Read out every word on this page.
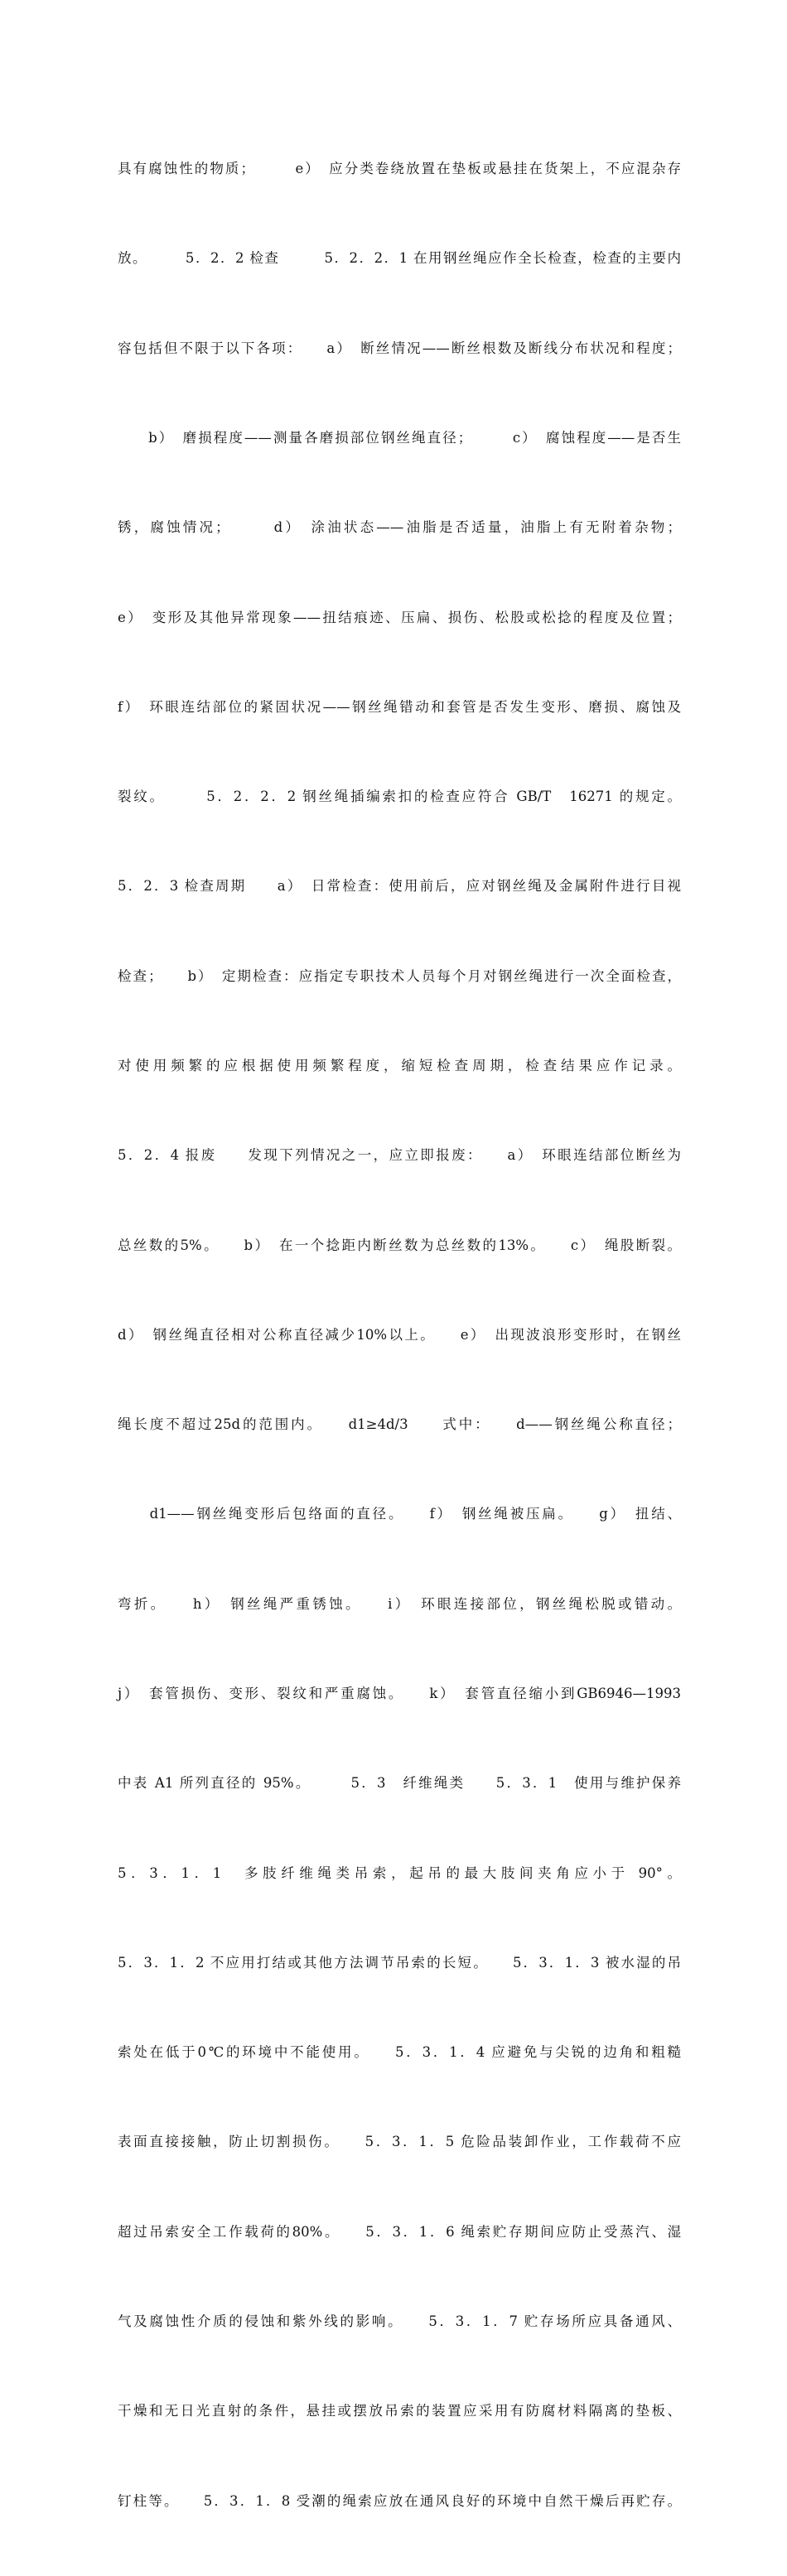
具有腐蚀性的物质；　　　e）　应分类卷绕放置在垫板或悬挂在货架上，不应混杂存

放。　　　5．2．2 检查　　　5．2．2．1 在用钢丝绳应作全长检查，检查的主要内

容包括但不限于以下各项：　　a）　断丝情况——断丝根数及断线分布状况和程度；

　　b）　磨损程度——测量各磨损部位钢丝绳直径；　　　c）　腐蚀程度——是否生

锈，腐蚀情况；　　　d）　涂油状态——油脂是否适量，油脂上有无附着杂物；

e）　变形及其他异常现象——扭结痕迹、压扁、损伤、松股或松捻的程度及位置；

f）　环眼连结部位的紧固状况——钢丝绳错动和套管是否发生变形、磨损、腐蚀及

裂纹。　　　5．2．2．2 钢丝绳插编索扣的检查应符合 GB/T　16271 的规定。

5．2．3 检查周期　　a）　日常检查：使用前后，应对钢丝绳及金属附件进行目视

检查；　　b）　定期检查：应指定专职技术人员每个月对钢丝绳进行一次全面检查，

对使用频繁的应根据使用频繁程度，缩短检查周期，检查结果应作记录。

5．2．4 报废　　发现下列情况之一，应立即报废：　　a）　环眼连结部位断丝为

总丝数的5%。　　b）　在一个捻距内断丝数为总丝数的13%。　　c）　绳股断裂。

d）　钢丝绳直径相对公称直径减少10%以上。　　e）　出现波浪形变形时，在钢丝

绳长度不超过25d的范围内。　　d1≥4d/3　　式中：　　d——钢丝绳公称直径；

　　d1——钢丝绳变形后包络面的直径。　　f）　钢丝绳被压扁。　　g）　扭结、

弯折。　　h）　钢丝绳严重锈蚀。　　i）　环眼连接部位，钢丝绳松脱或错动。

j）　套管损伤、变形、裂纹和严重腐蚀。　　k）　套管直径缩小到GB6946—1993

中表 A1 所列直径的 95%。　　　5．3　纤维绳类　　5．3．1　使用与维护保养

5．3．1．1　多肢纤维绳类吊索，起吊的最大肢间夹角应小于 90°。

5．3．1．2 不应用打结或其他方法调节吊索的长短。　　5．3．1．3 被水湿的吊

索处在低于0℃的环境中不能使用。　　5．3．1．4 应避免与尖锐的边角和粗糙

表面直接接触，防止切割损伤。　　5．3．1．5 危险品装卸作业，工作载荷不应

超过吊索安全工作载荷的80%。　　5．3．1．6 绳索贮存期间应防止受蒸汽、湿

气及腐蚀性介质的侵蚀和紫外线的影响。　　5．3．1．7 贮存场所应具备通风、

干燥和无日光直射的条件，悬挂或摆放吊索的装置应采用有防腐材料隔离的垫板、

钉柱等。　　5．3．1．8 受潮的绳索应放在通风良好的环境中自然干燥后再贮存。
